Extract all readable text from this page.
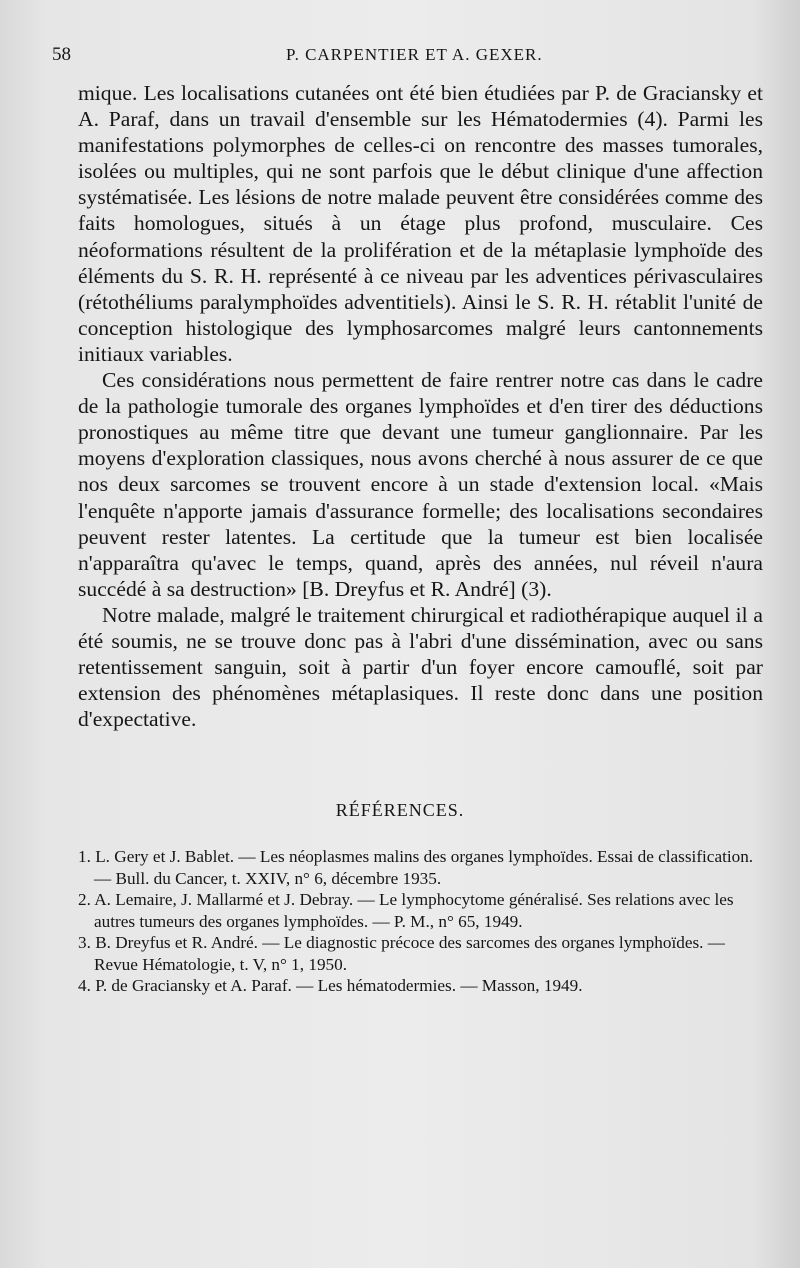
58	P. CARPENTIER ET A. GEXER.

mique. Les localisations cutanées ont été bien étudiées par P. de Graciansky et A. Paraf, dans un travail d'ensemble sur les Hématodermies (4). Parmi les manifestations polymorphes de celles-ci on rencontre des masses tumorales, isolées ou multiples, qui ne sont parfois que le début clinique d'une affection systématisée. Les lésions de notre malade peuvent être considérées comme des faits homologues, situés à un étage plus profond, musculaire. Ces néoformations résultent de la prolifération et de la métaplasie lymphoïde des éléments du S. R. H. représenté à ce niveau par les adventices périvasculaires (rétothéliums paralymphoïdes adventitiels). Ainsi le S. R. H. rétablit l'unité de conception histologique des lymphosarcomes malgré leurs cantonnements initiaux variables.

Ces considérations nous permettent de faire rentrer notre cas dans le cadre de la pathologie tumorale des organes lymphoïdes et d'en tirer des déductions pronostiques au même titre que devant une tumeur ganglionnaire. Par les moyens d'exploration classiques, nous avons cherché à nous assurer de ce que nos deux sarcomes se trouvent encore à un stade d'extension local. «Mais l'enquête n'apporte jamais d'assurance formelle; des localisations secondaires peuvent rester latentes. La certitude que la tumeur est bien localisée n'apparaîtra qu'avec le temps, quand, après des années, nul réveil n'aura succédé à sa destruction» [B. Dreyfus et R. André] (3).

Notre malade, malgré le traitement chirurgical et radiothérapique auquel il a été soumis, ne se trouve donc pas à l'abri d'une dissémination, avec ou sans retentissement sanguin, soit à partir d'un foyer encore camouflé, soit par extension des phénomènes métaplasiques. Il reste donc dans une position d'expectative.

RÉFÉRENCES.
1. L. Gery et J. Bablet. — Les néoplasmes malins des organes lymphoïdes. Essai de classification. — Bull. du Cancer, t. XXIV, n° 6, décembre 1935.
2. A. Lemaire, J. Mallarmé et J. Debray. — Le lymphocytome généralisé. Ses relations avec les autres tumeurs des organes lymphoïdes. — P. M., n° 65, 1949.
3. B. Dreyfus et R. André. — Le diagnostic précoce des sarcomes des organes lymphoïdes. — Revue Hématologie, t. V, n° 1, 1950.
4. P. de Graciansky et A. Paraf. — Les hématodermies. — Masson, 1949.
